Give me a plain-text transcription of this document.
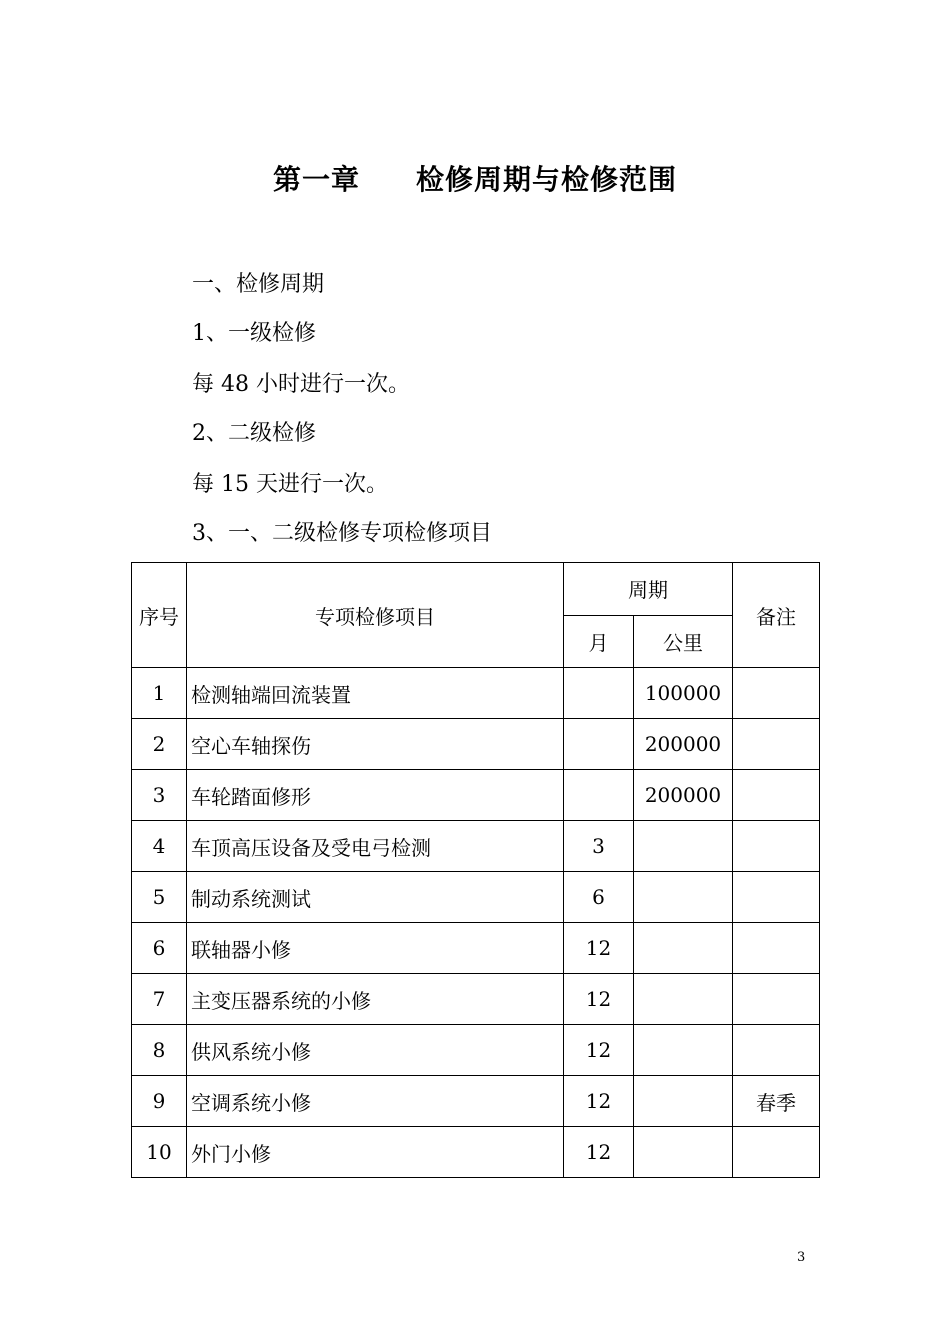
第一章 检修周期与检修范围

一、检修周期

1、一级检修

每 48 小时进行一次。

2、二级检修

每 15 天进行一次。

3、一、二级检修专项检修项目

序号	专项检修项目	周期		备注
		月	公里	
1	检测轴端回流装置		100000	
2	空心车轴探伤		200000	
3	车轮踏面修形		200000	
4	车顶高压设备及受电弓检测	3		
5	制动系统测试	6		
6	联轴器小修	12		
7	主变压器系统的小修	12		
8	供风系统小修	12		
9	空调系统小修	12		春季
10	外门小修	12		

3
